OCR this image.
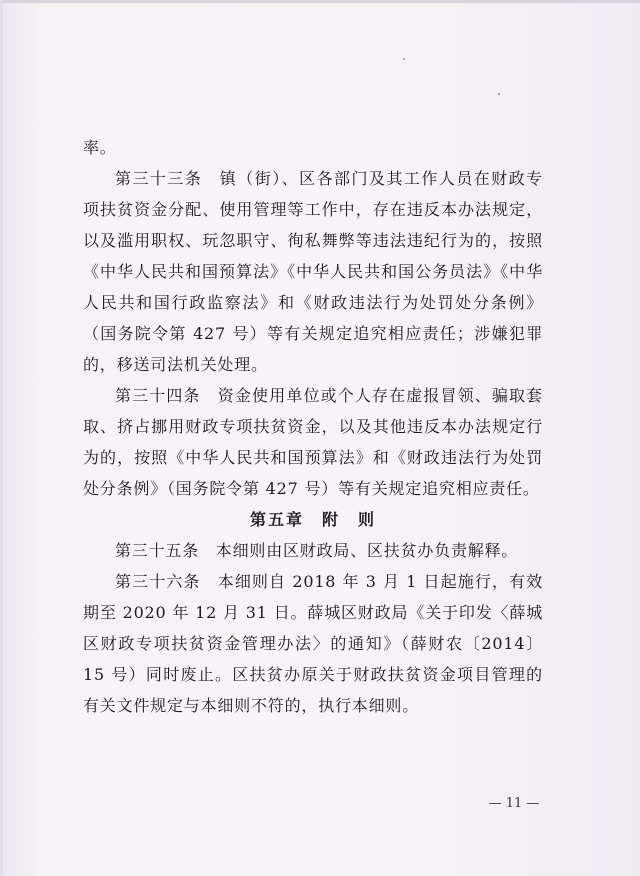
率。

第三十三条　镇（街）、区各部门及其工作人员在财政专项扶贫资金分配、使用管理等工作中，存在违反本办法规定，以及滥用职权、玩忽职守、徇私舞弊等违法违纪行为的，按照《中华人民共和国预算法》《中华人民共和国公务员法》《中华人民共和国行政监察法》和《财政违法行为处罚处分条例》（国务院令第 427 号）等有关规定追究相应责任；涉嫌犯罪的，移送司法机关处理。

第三十四条　资金使用单位或个人存在虚报冒领、骗取套取、挤占挪用财政专项扶贫资金，以及其他违反本办法规定行为的，按照《中华人民共和国预算法》和《财政违法行为处罚处分条例》（国务院令第 427 号）等有关规定追究相应责任。

第五章　附　则

第三十五条　本细则由区财政局、区扶贫办负责解释。

第三十六条　本细则自 2018 年 3 月 1 日起施行，有效期至 2020 年 12 月 31 日。薛城区财政局《关于印发〈薛城区财政专项扶贫资金管理办法〉的通知》（薛财农〔2014〕15 号）同时废止。区扶贫办原关于财政扶贫资金项目管理的有关文件规定与本细则不符的，执行本细则。

— 11 —
